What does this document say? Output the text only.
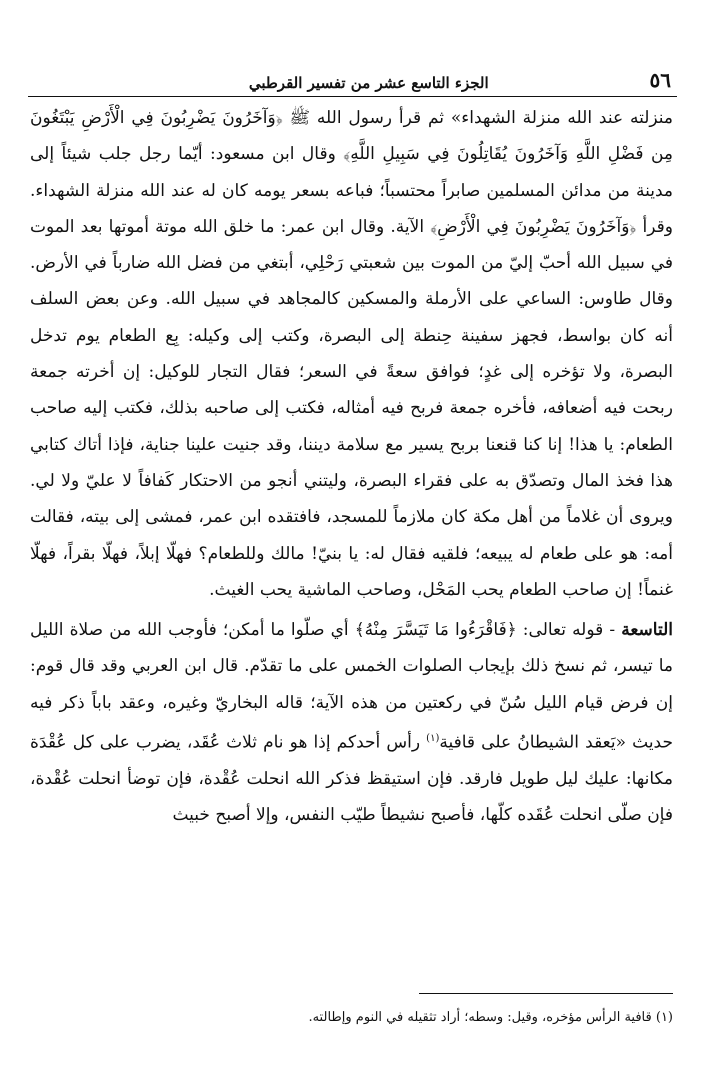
٥٦
الجزء التاسع عشر من تفسير القرطبي

منزلته عند الله منزلة الشهداء» ثم قرأ رسول الله ﷺ ﴿وَآخَرُونَ يَضْرِبُونَ فِي الْأَرْضِ يَبْتَغُونَ مِن فَضْلِ اللَّهِ وَآخَرُونَ يُقَاتِلُونَ فِي سَبِيلِ اللَّهِ﴾ وقال ابن مسعود: أيّما رجل جلب شيئاً إلى مدينة من مدائن المسلمين صابراً محتسباً؛ فباعه بسعر يومه كان له عند الله منزلة الشهداء. وقرأ ﴿وَآخَرُونَ يَضْرِبُونَ فِي الْأَرْضِ﴾ الآية. وقال ابن عمر: ما خلق الله موتة أموتها بعد الموت في سبيل الله أحبّ إليّ من الموت بين شعبتي رَحْلِي، أبتغي من فضل الله ضارباً في الأرض. وقال طاوس: الساعي على الأرملة والمسكين كالمجاهد في سبيل الله. وعن بعض السلف أنه كان بواسط، فجهز سفينة حِنطة إلى البصرة، وكتب إلى وكيله: بِع الطعام يوم تدخل البصرة، ولا تؤخره إلى غدٍ؛ فوافق سعةً في السعر؛ فقال التجار للوكيل: إن أخرته جمعة ربحت فيه أضعافه، فأخره جمعة فربح فيه أمثاله، فكتب إلى صاحبه بذلك، فكتب إليه صاحب الطعام: يا هذا! إنا كنا قنعنا بربح يسير مع سلامة ديننا، وقد جنيت علينا جناية، فإذا أتاك كتابي هذا فخذ المال وتصدّق به على فقراء البصرة، وليتني أنجو من الاحتكار كَفافاً لا عليّ ولا لي. ويروى أن غلاماً من أهل مكة كان ملازماً للمسجد، فافتقده ابن عمر، فمشى إلى بيته، فقالت أمه: هو على طعام له يبيعه؛ فلقيه فقال له: يا بنيّ! مالك وللطعام؟ فهلّا إبلاً، فهلّا بقراً، فهلّا غنماً! إن صاحب الطعام يحب المَحْل، وصاحب الماشية يحب الغيث.

التاسعة - قوله تعالى: ﴿فَاقْرَءُوا مَا تَيَسَّرَ مِنْهُ﴾ أي صلّوا ما أمكن؛ فأوجب الله من صلاة الليل ما تيسر، ثم نسخ ذلك بإيجاب الصلوات الخمس على ما تقدّم. قال ابن العربي وقد قال قوم: إن فرض قيام الليل سُنّ في ركعتين من هذه الآية؛ قاله البخاريّ وغيره، وعقد باباً ذكر فيه حديث «يَعقد الشيطانُ على قافية$^{(١)}$ رأس أحدكم إذا هو نام ثلاث عُقَد، يضرب على كل عُقْدَة مكانها: عليك ليل طويل فارقد. فإن استيقظ فذكر الله انحلت عُقْدة، فإن توضأ انحلت عُقْدة، فإن صلّى انحلت عُقَده كلّها، فأصبح نشيطاً طيّب النفس، وإلا أصبح خبيث

(١) قافية الرأس مؤخره، وقيل: وسطه؛ أراد تثقيله في النوم وإطالته.
